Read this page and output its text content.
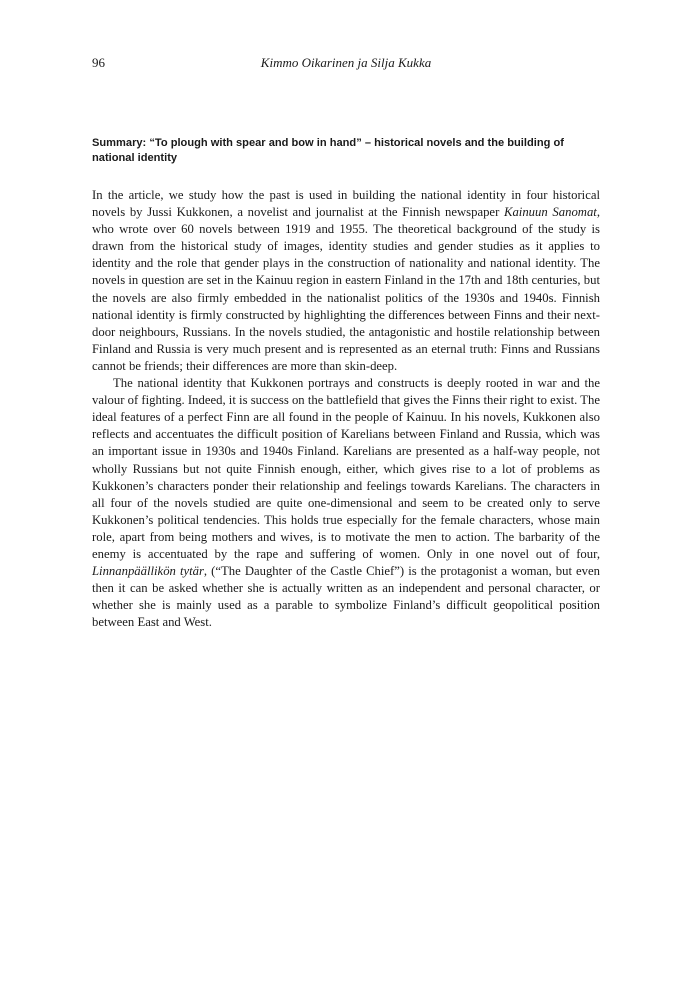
96	Kimmo Oikarinen ja Silja Kukka
Summary: “To plough with spear and bow in hand” – historical novels and the building of national identity

In the article, we study how the past is used in building the national identity in four historical novels by Jussi Kukkonen, a novelist and journalist at the Finnish newspaper Kainuun Sanomat, who wrote over 60 novels between 1919 and 1955. The theoretical background of the study is drawn from the historical study of images, identity studies and gender studies as it applies to identity and the role that gender plays in the construction of nationality and national identity. The novels in question are set in the Kainuu region in eastern Finland in the 17th and 18th centuries, but the novels are also firmly embedded in the nationalist politics of the 1930s and 1940s. Finnish national identity is firmly constructed by highlighting the differences between Finns and their next-door neighbours, Russians. In the novels studied, the antagonistic and hostile relationship between Finland and Russia is very much present and is represented as an eternal truth: Finns and Russians cannot be friends; their differences are more than skin-deep.

The national identity that Kukkonen portrays and constructs is deeply rooted in war and the valour of fighting. Indeed, it is success on the battlefield that gives the Finns their right to exist. The ideal features of a perfect Finn are all found in the people of Kainuu. In his novels, Kukkonen also reflects and accentuates the difficult position of Karelians between Finland and Russia, which was an important issue in 1930s and 1940s Finland. Karelians are presented as a half-way people, not wholly Russians but not quite Finnish enough, either, which gives rise to a lot of problems as Kukkonen’s characters ponder their relationship and feelings towards Karelians. The characters in all four of the novels studied are quite one-dimensional and seem to be created only to serve Kukkonen’s political tendencies. This holds true especially for the female characters, whose main role, apart from being mothers and wives, is to motivate the men to action. The barbarity of the enemy is accentuated by the rape and suffering of women. Only in one novel out of four, Linnanpäällikön tytär, (“The Daughter of the Castle Chief”) is the protagonist a woman, but even then it can be asked whether she is actually written as an independent and personal character, or whether she is mainly used as a parable to symbolize Finland’s difficult geopolitical position between East and West.
